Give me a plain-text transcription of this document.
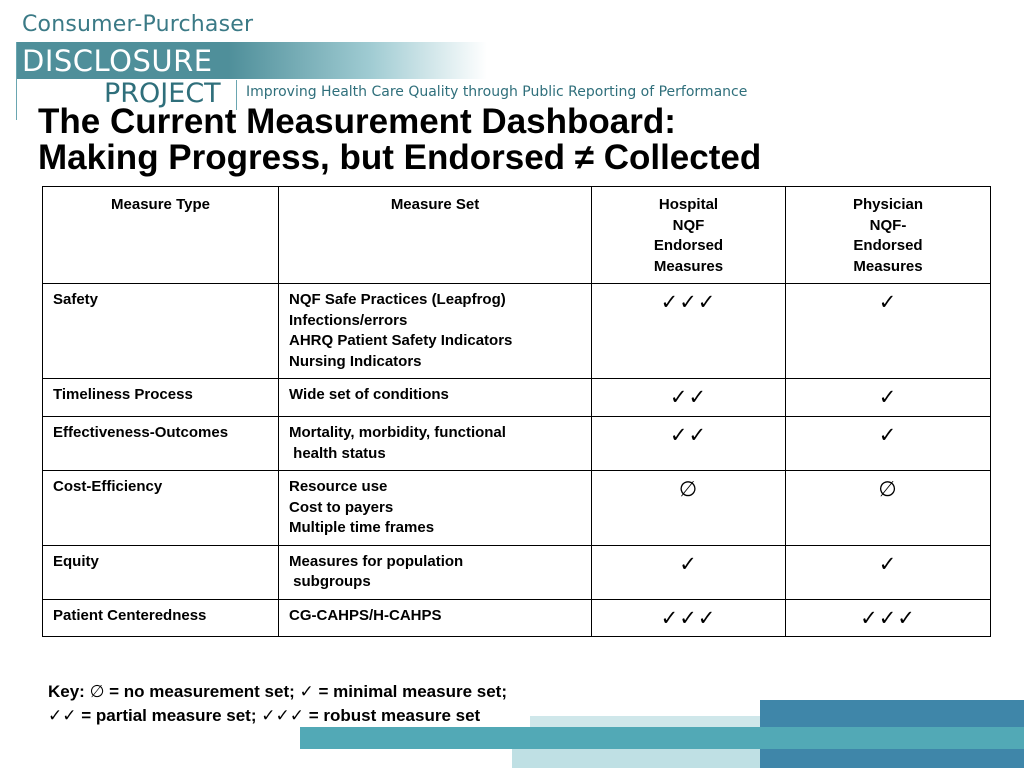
Consumer-Purchaser
DISCLOSURE
PROJECT Improving Health Care Quality through Public Reporting of Performance
The Current Measurement Dashboard:
Making Progress, but Endorsed ≠ Collected
Measure Type	Measure Set	Hospital
NQF
Endorsed
Measures	Physician
NQF-
Endorsed
Measures

Safety	NQF Safe Practices (Leapfrog)
Infections/errors
AHRQ Patient Safety Indicators
Nursing Indicators	✓✓✓	✓
Timeliness Process	Wide set of conditions	✓✓	✓
Effectiveness-Outcomes	Mortality, morbidity, functional
health status	✓✓	✓
Cost-Efficiency	Resource use
Cost to payers
Multiple time frames	∅	∅
Equity	Measures for population
subgroups	✓	✓
Patient Centeredness	CG-CAHPS/H-CAHPS	✓✓✓	✓✓✓
Key: ∅ = no measurement set; ✓ = minimal measure set;
✓✓ = partial measure set; ✓✓✓ = robust measure set
